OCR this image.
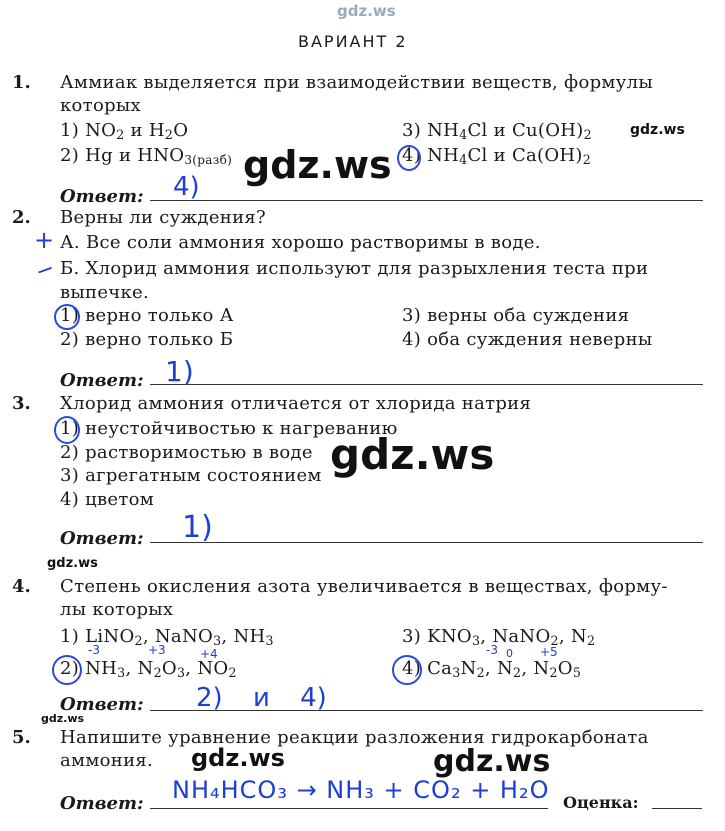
gdz.ws
ВАРИАНТ 2
1. Аммиак выделяется при взаимодействии веществ, формулы
которых
1) $NO_2$ и $H_2O$
2) Hg и $HNO_{3(разб)}$
3) $NH_4Cl$ и $Cu(OH)_2$
4) $NH_4Cl$ и $Ca(OH)_2$
Ответ: 4)
2. Верны ли суждения?
+ А. Все соли аммония хорошо растворимы в воде.
− Б. Хлорид аммония используют для разрыхления теста при
выпечке.
1) верно только А
2) верно только Б
3) верны оба суждения
4) оба суждения неверны
Ответ: 1)
3. Хлорид аммония отличается от хлорида натрия
1) неустойчивостью к нагреванию
2) растворимостью в воде
3) агрегатным состоянием
4) цветом
Ответ: 1)
4. Степень окисления азота увеличивается в веществах, форму-
лы которых
1) LiNO$_2$, NaNO$_3$, $NH_3$
2) $NH_3$, $N_2O_3$, $NO_2$
3) $KNO_3$, NaNO$_2$, $N_2$
4) $Ca_3N_2$, $N_2$, $N_2O_5$
-3	+3	+4	-3 0 +5
Ответ: 2) и 4)
5. Напишите уравнение реакции разложения гидрокарбоната
аммония.
Ответ: NH₄HCO₃ → NH₃ + CO₂ + H₂O Оценка:
gdz.ws
gdz.ws
gdz.ws
gdz.ws
gdz.ws
gdz.ws	gdz.ws
